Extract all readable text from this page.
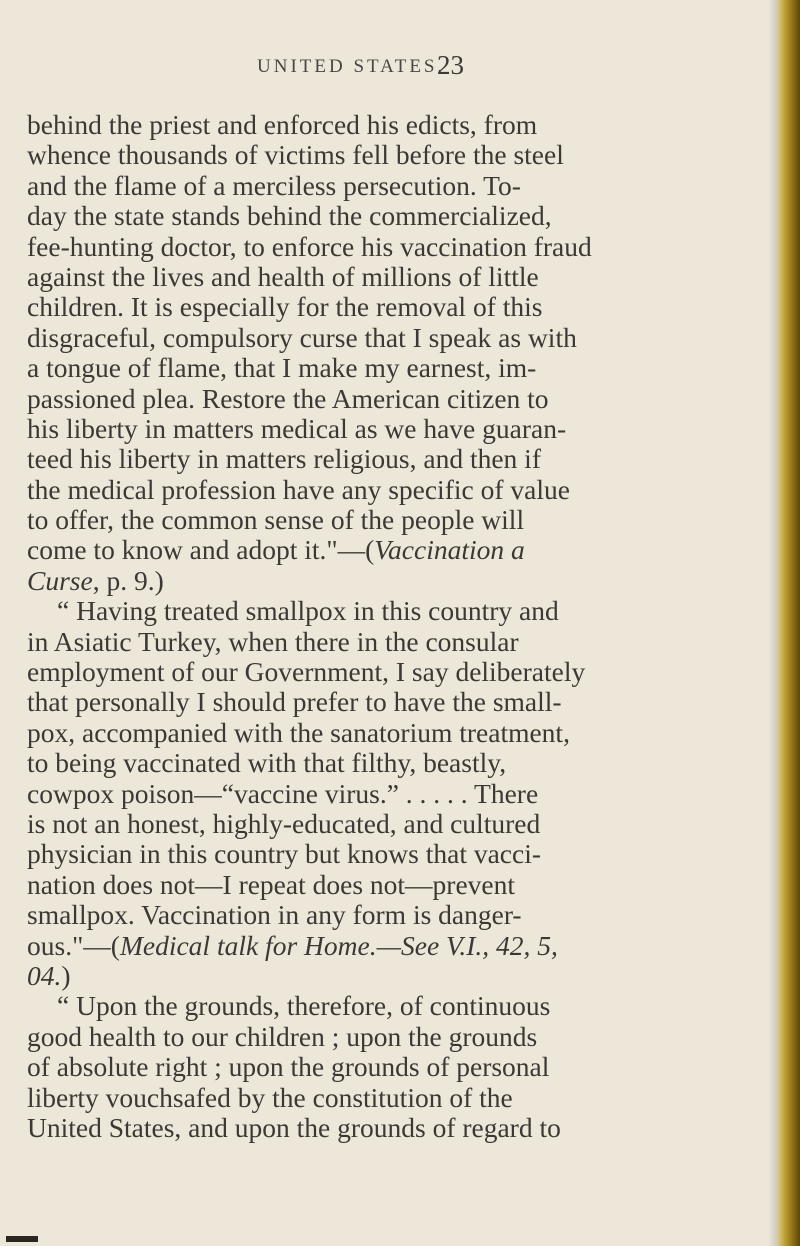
UNITED STATES.
23
behind the priest and enforced his edicts, from
whence thousands of victims fell before the steel
and the flame of a merciless persecution. To-
day the state stands behind the commercialized,
fee-hunting doctor, to enforce his vaccination fraud
against the lives and health of millions of little
children. It is especially for the removal of this
disgraceful, compulsory curse that I speak as with
a tongue of flame, that I make my earnest, im-
passioned plea. Restore the American citizen to
his liberty in matters medical as we have guaran-
teed his liberty in matters religious, and then if
the medical profession have any specific of value
to offer, the common sense of the people will
come to know and adopt it."—(Vaccination a
Curse, p. 9.)
“ Having treated smallpox in this country and
in Asiatic Turkey, when there in the consular
employment of our Government, I say deliberately
that personally I should prefer to have the small-
pox, accompanied with the sanatorium treatment,
to being vaccinated with that filthy, beastly,
cowpox poison—“vaccine virus.” . . . . . There
is not an honest, highly-educated, and cultured
physician in this country but knows that vacci-
nation does not—I repeat does not—prevent
smallpox. Vaccination in any form is danger-
ous."—(Medical talk for Home.—See V.I., 42, 5,
04.)
“ Upon the grounds, therefore, of continuous
good health to our children ; upon the grounds
of absolute right ; upon the grounds of personal
liberty vouchsafed by the constitution of the
United States, and upon the grounds of regard to
